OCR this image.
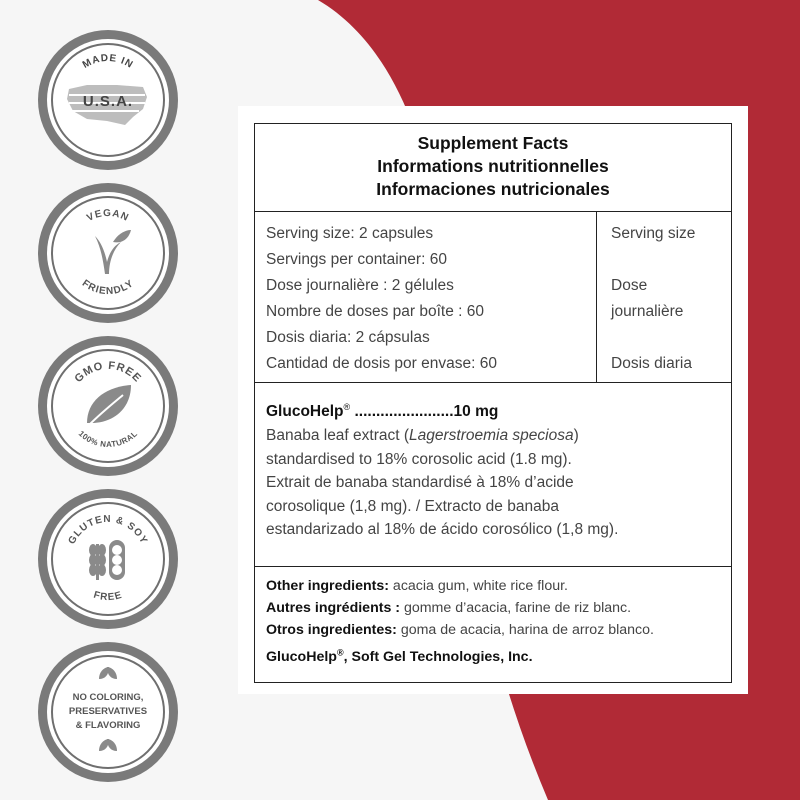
MADE IN
U.S.A.
VEGAN
FRIENDLY
GMO FREE
100% NATURAL
GLUTEN & SOY
FREE
NO COLORING,
PRESERVATIVES
& FLAVORING
Supplement Facts
Informations nutritionnelles
Informaciones nutricionales
Serving size: 2 capsules
Servings per container: 60
Dose journalière : 2 gélules
Nombre de doses par boîte : 60
Dosis diaria: 2 cápsulas
Cantidad de dosis por envase: 60
Serving size

Dose
journalière

Dosis diaria
GlucoHelp® .......................10 mg
Banaba leaf extract (Lagerstroemia speciosa)
standardised to 18% corosolic acid (1.8 mg).
Extrait de banaba standardisé à 18% d’acide
corosolique (1,8 mg). / Extracto de banaba
estandarizado al 18% de ácido corosólico (1,8 mg).
Other ingredients: acacia gum, white rice flour.
Autres ingrédients : gomme d’acacia, farine de riz blanc.
Otros ingredientes: goma de acacia, harina de arroz blanco.
GlucoHelp®, Soft Gel Technologies, Inc.
